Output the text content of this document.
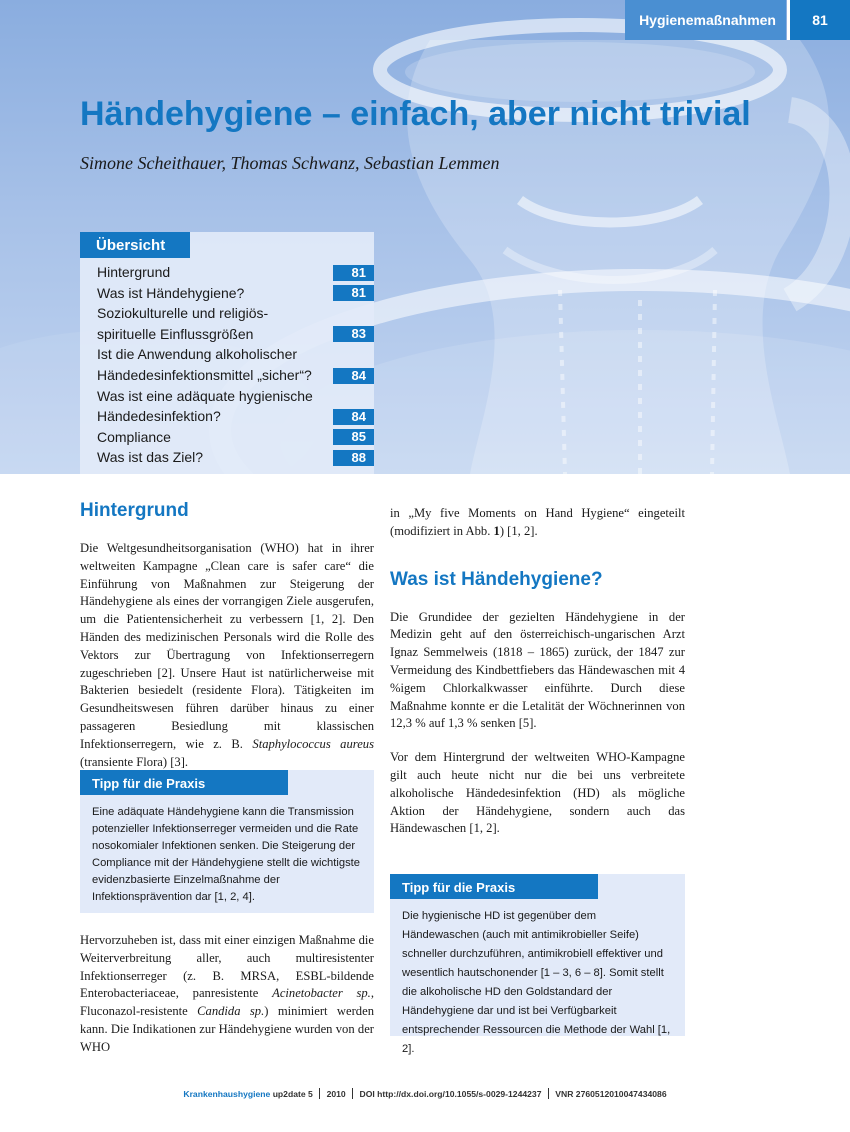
Hygienemaßnahmen	81
Händehygiene – einfach, aber nicht trivial

Simone Scheithauer, Thomas Schwanz, Sebastian Lemmen

Übersicht
Hintergrund	81
Was ist Händehygiene?	81
Soziokulturelle und religiös-spirituelle Einflussgrößen	83
Ist die Anwendung alkoholischer Händedesinfektionsmittel „sicher“?	84
Was ist eine adäquate hygienische Händedesinfektion?	84
Compliance	85
Was ist das Ziel?	88
Hintergrund

Die Weltgesundheitsorganisation (WHO) hat in ihrer weltweiten Kampagne „Clean care is safer care“ die Einführung von Maßnahmen zur Steigerung der Händehygiene als eines der vorrangigen Ziele ausgerufen, um die Patientensicherheit zu verbessern [1, 2]. Den Händen des medizinischen Personals wird die Rolle des Vektors zur Übertragung von Infektionserregern zugeschrieben [2]. Unsere Haut ist natürlicherweise mit Bakterien besiedelt (residente Flora). Tätigkeiten im Gesundheitswesen führen darüber hinaus zu einer passageren Besiedlung mit klassischen Infektionserregern, wie z. B. Staphylococcus aureus (transiente Flora) [3].

Tipp für die Praxis
Eine adäquate Händehygiene kann die Transmission potenzieller Infektionserreger vermeiden und die Rate nosokomialer Infektionen senken. Die Steigerung der Compliance mit der Händehygiene stellt die wichtigste evidenzbasierte Einzelmaßnahme der Infektionsprävention dar [1, 2, 4].

Hervorzuheben ist, dass mit einer einzigen Maßnahme die Weiterverbreitung aller, auch multiresistenter Infektionserreger (z. B. MRSA, ESBL-bildende Enterobacteriaceae, panresistente Acinetobacter sp., Fluconazol-resistente Candida sp.) minimiert werden kann. Die Indikationen zur Händehygiene wurden von der WHO

in „My five Moments on Hand Hygiene“ eingeteilt (modifiziert in Abb. 1) [1, 2].

Was ist Händehygiene?

Die Grundidee der gezielten Händehygiene in der Medizin geht auf den österreichisch-ungarischen Arzt Ignaz Semmelweis (1818 – 1865) zurück, der 1847 zur Vermeidung des Kindbettfiebers das Händewaschen mit 4 %igem Chlorkalkwasser einführte. Durch diese Maßnahme konnte er die Letalität der Wöchnerinnen von 12,3 % auf 1,3 % senken [5].

Vor dem Hintergrund der weltweiten WHO-Kampagne gilt auch heute nicht nur die bei uns verbreitete alkoholische Händedesinfektion (HD) als mögliche Aktion der Händehygiene, sondern auch das Händewaschen [1, 2].

Tipp für die Praxis
Die hygienische HD ist gegenüber dem Händewaschen (auch mit antimikrobieller Seife) schneller durchzuführen, antimikrobiell effektiver und wesentlich hautschonender [1 – 3, 6 – 8]. Somit stellt die alkoholische HD den Goldstandard der Händehygiene dar und ist bei Verfügbarkeit entsprechender Ressourcen die Methode der Wahl [1, 2].
Krankenhaushygiene up2date 5 2010 DOI http://dx.doi.org/10.1055/s-0029-1244237 VNR 2760512010047434086
